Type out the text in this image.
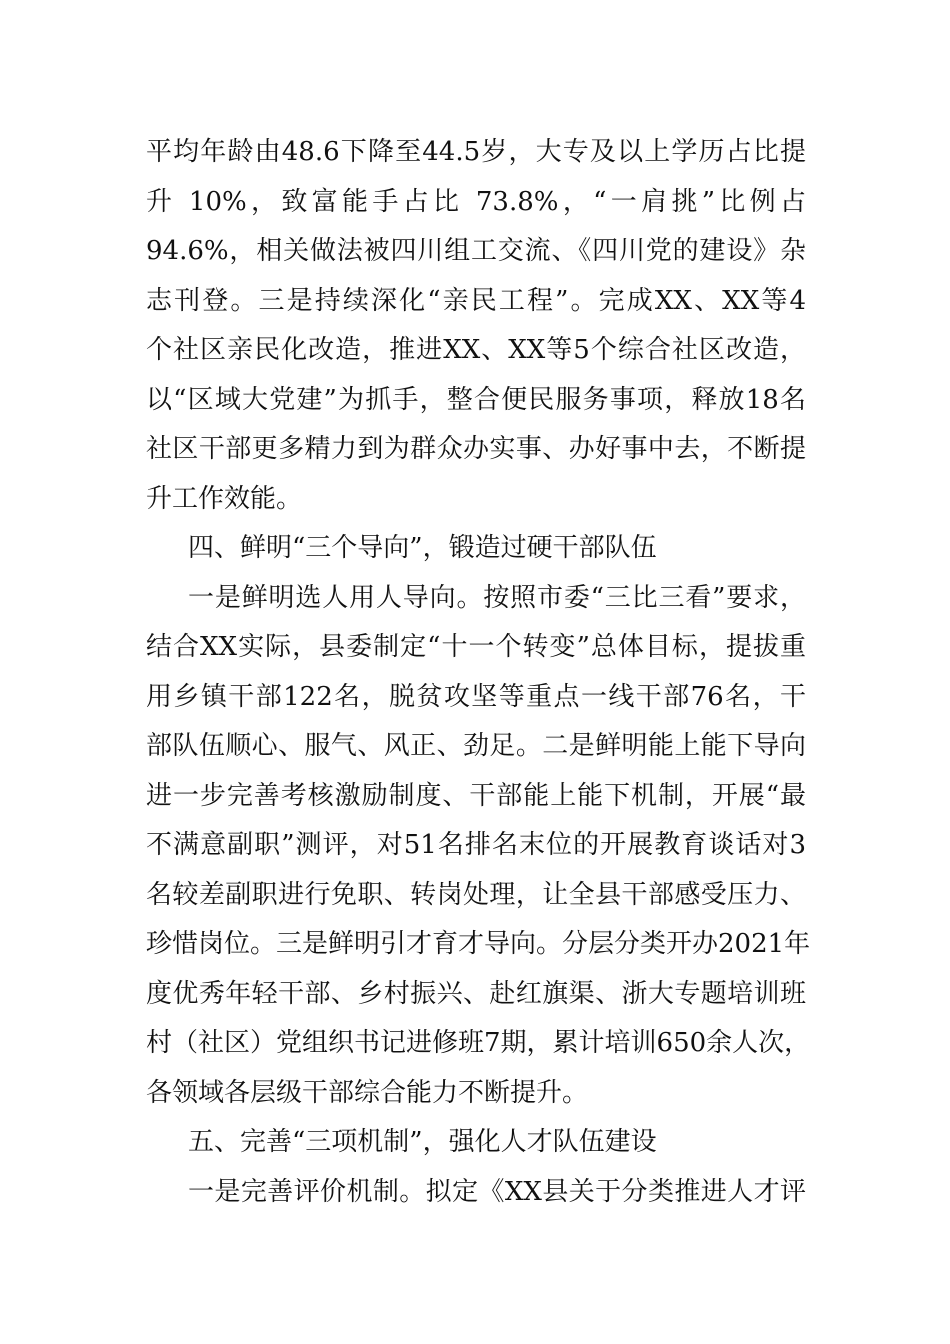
平均年龄由48.6下降至44.5岁，大专及以上学历占比提
升 10%，致富能手占比 73.8%，“一肩挑”比例占
94.6%，相关做法被四川组工交流、《四川党的建设》杂
志刊登。三是持续深化“亲民工程”。完成XX、XX等4
个社区亲民化改造，推进XX、XX等5个综合社区改造，
以“区域大党建”为抓手，整合便民服务事项，释放18名
社区干部更多精力到为群众办实事、办好事中去，不断提
升工作效能。
四、鲜明“三个导向”，锻造过硬干部队伍
一是鲜明选人用人导向。按照市委“三比三看”要求，
结合XX实际，县委制定“十一个转变”总体目标，提拔重
用乡镇干部122名，脱贫攻坚等重点一线干部76名，干
部队伍顺心、服气、风正、劲足。二是鲜明能上能下导向
进一步完善考核激励制度、干部能上能下机制，开展“最
不满意副职”测评，对51名排名末位的开展教育谈话对3
名较差副职进行免职、转岗处理，让全县干部感受压力、
珍惜岗位。三是鲜明引才育才导向。分层分类开办2021年
度优秀年轻干部、乡村振兴、赴红旗渠、浙大专题培训班
村（社区）党组织书记进修班7期，累计培训650余人次，
各领域各层级干部综合能力不断提升。
五、完善“三项机制”，强化人才队伍建设
一是完善评价机制。拟定《XX县关于分类推进人才评
